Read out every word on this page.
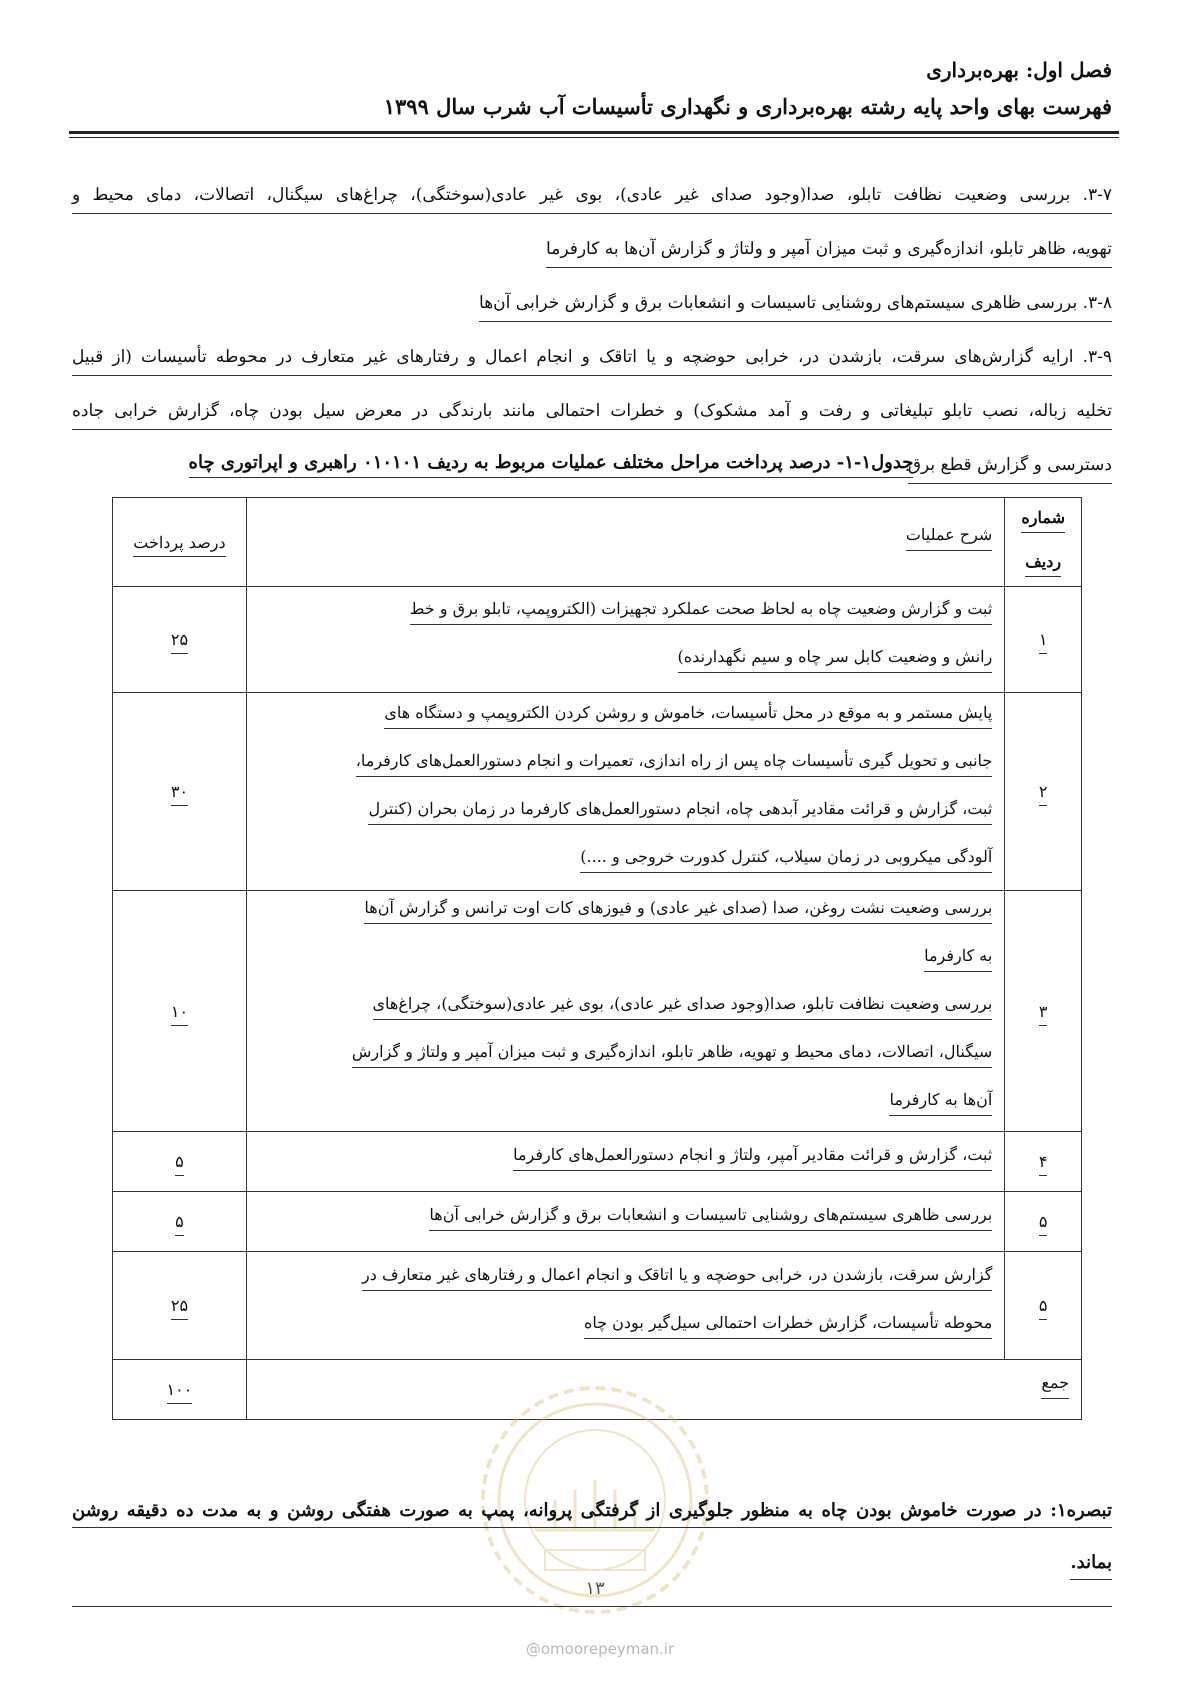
فصل اول: بهره‌برداری
فهرست بهای واحد پایه رشته بهره‌برداری و نگهداری تأسیسات آب شرب سال ۱۳۹۹
۳-۷. بررسی وضعیت نظافت تابلو، صدا(وجود صدای غیر عادی)، بوی غیر عادی(سوختگی)، چراغ‌های سیگنال، اتصالات، دمای محیط و
تهویه، ظاهر تابلو، اندازه‌گیری و ثبت میزان آمپر و ولتاژ و گزارش آن‌ها به کارفرما
۳-۸. بررسی ظاهری سیستم‌های روشنایی تاسیسات و انشعابات برق و گزارش خرابی آن‌ها
۳-۹. ارایه گزارش‌های سرقت، بازشدن در، خرابی حوضچه و یا اتاقک و انجام اعمال و رفتارهای غیر متعارف در محوطه تأسیسات (از قبیل
تخلیه زباله، نصب تابلو تبلیغاتی و رفت و آمد مشکوک) و خطرات احتمالی مانند بارندگی در معرض سیل بودن چاه، گزارش خرابی جاده
دسترسی و گزارش قطع برق
جدول۱-۱- درصد پرداخت مراحل مختلف عملیات مربوط به ردیف ۰۱۰۱۰۱ راهبری و اپراتوری چاه
شماره
ردیف	شرح عملیات	درصد پرداخت
۱	ثبت و گزارش وضعیت چاه به لحاظ صحت عملکرد تجهیزات (الکتروپمپ، تابلو برق و خط
رانش و وضعیت کابل سر چاه و سیم نگهدارنده)	۲۵
۲	پایش مستمر و به موقع در محل تأسیسات، خاموش و روشن کردن الکتروپمپ و دستگاه های
جانبی و تحویل گیری تأسیسات چاه پس از راه اندازی، تعمیرات و انجام دستورالعمل‌های کارفرما،
ثبت، گزارش و قرائت مقادیر آبدهی چاه، انجام دستورالعمل‌های کارفرما در زمان بحران (کنترل
آلودگی میکروبی در زمان سیلاب، کنترل کدورت خروجی و ....)	۳۰
۳	بررسی وضعیت نشت روغن، صدا (صدای غیر عادی) و فیوزهای کات اوت ترانس و گزارش آن‌ها
به کارفرما
بررسی وضعیت نظافت تابلو، صدا(وجود صدای غیر عادی)، بوی غیر عادی(سوختگی)، چراغ‌های
سیگنال، اتصالات، دمای محیط و تهویه، ظاهر تابلو، اندازه‌گیری و ثبت میزان آمپر و ولتاژ و گزارش
آن‌ها به کارفرما	۱۰
۴	ثبت، گزارش و قرائت مقادیر آمپر، ولتاژ و انجام دستورالعمل‌های کارفرما	۵
۵	بررسی ظاهری سیستم‌های روشنایی تاسیسات و انشعابات برق و گزارش خرابی آن‌ها	۵
۵	گزارش سرقت، بازشدن در، خرابی حوضچه و یا اتاقک و انجام اعمال و رفتارهای غیر متعارف در
محوطه تأسیسات، گزارش خطرات احتمالی سیل‌گیر بودن چاه	۲۵

جمع		۱۰۰
تبصره۱: در صورت خاموش بودن چاه به منظور جلوگیری از گرفتگی پروانه، پمپ به صورت هفتگی روشن و به مدت ده دقیقه روشن
بماند.
۱۳
@omoorepeyman.ir
